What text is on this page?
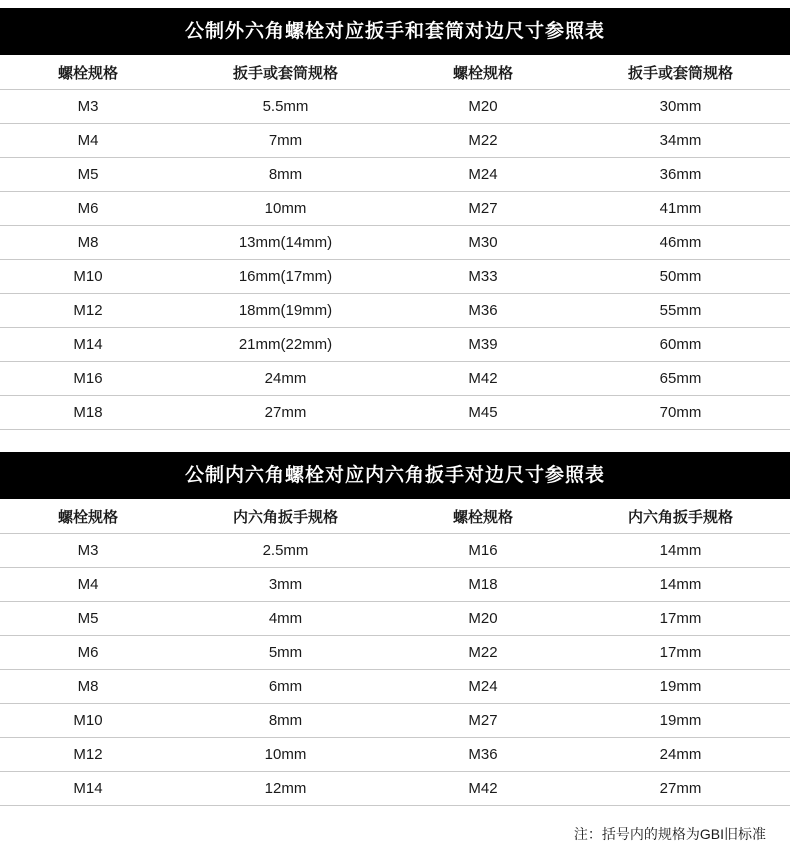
公制外六角螺栓对应扳手和套筒对边尺寸参照表
螺栓规格	扳手或套筒规格	螺栓规格	扳手或套筒规格
M3	5.5mm	M20	30mm
M4	7mm	M22	34mm
M5	8mm	M24	36mm
M6	10mm	M27	41mm
M8	13mm(14mm)	M30	46mm
M10	16mm(17mm)	M33	50mm
M12	18mm(19mm)	M36	55mm
M14	21mm(22mm)	M39	60mm
M16	24mm	M42	65mm
M18	27mm	M45	70mm
公制内六角螺栓对应内六角扳手对边尺寸参照表
螺栓规格	内六角扳手规格	螺栓规格	内六角扳手规格
M3	2.5mm	M16	14mm
M4	3mm	M18	14mm
M5	4mm	M20	17mm
M6	5mm	M22	17mm
M8	6mm	M24	19mm
M10	8mm	M27	19mm
M12	10mm	M36	24mm
M14	12mm	M42	27mm
注：括号内的规格为GBI旧标准
